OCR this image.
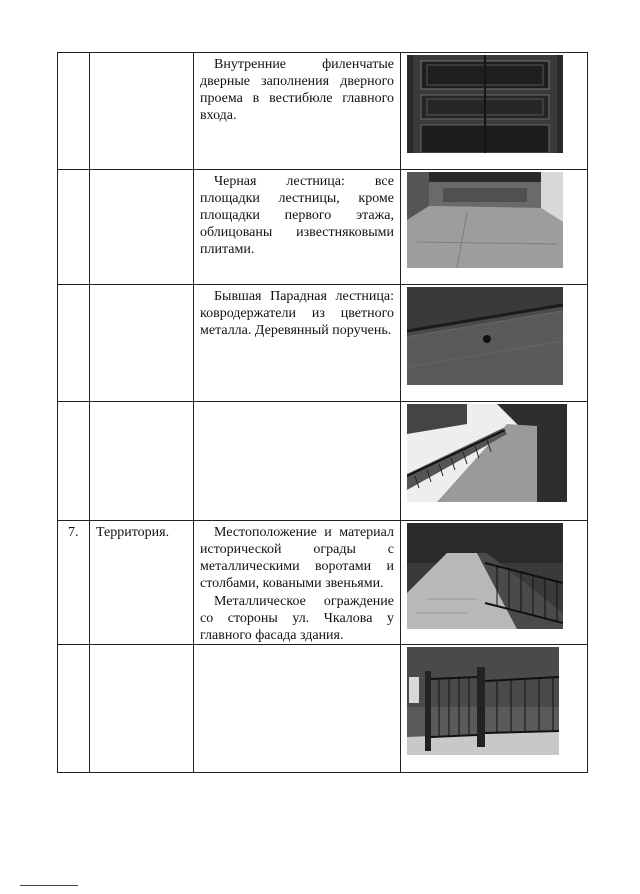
		Внутренние филенчатые дверные заполнения дверного проема в вестибюле главного входа.

		Черная лестница: все площадки лестницы, кроме площадки первого этажа, облицованы известняковыми плитами.

		Бывшая Парадная лестница: ковродержатели из цветного металла. Деревянный поручень.

7.	Территория.	Местоположение и материал исторической ограды с металлическими воротами и столбами, коваными звеньями.

Металлическое ограждение со стороны ул. Чкалова у главного фасада здания.
